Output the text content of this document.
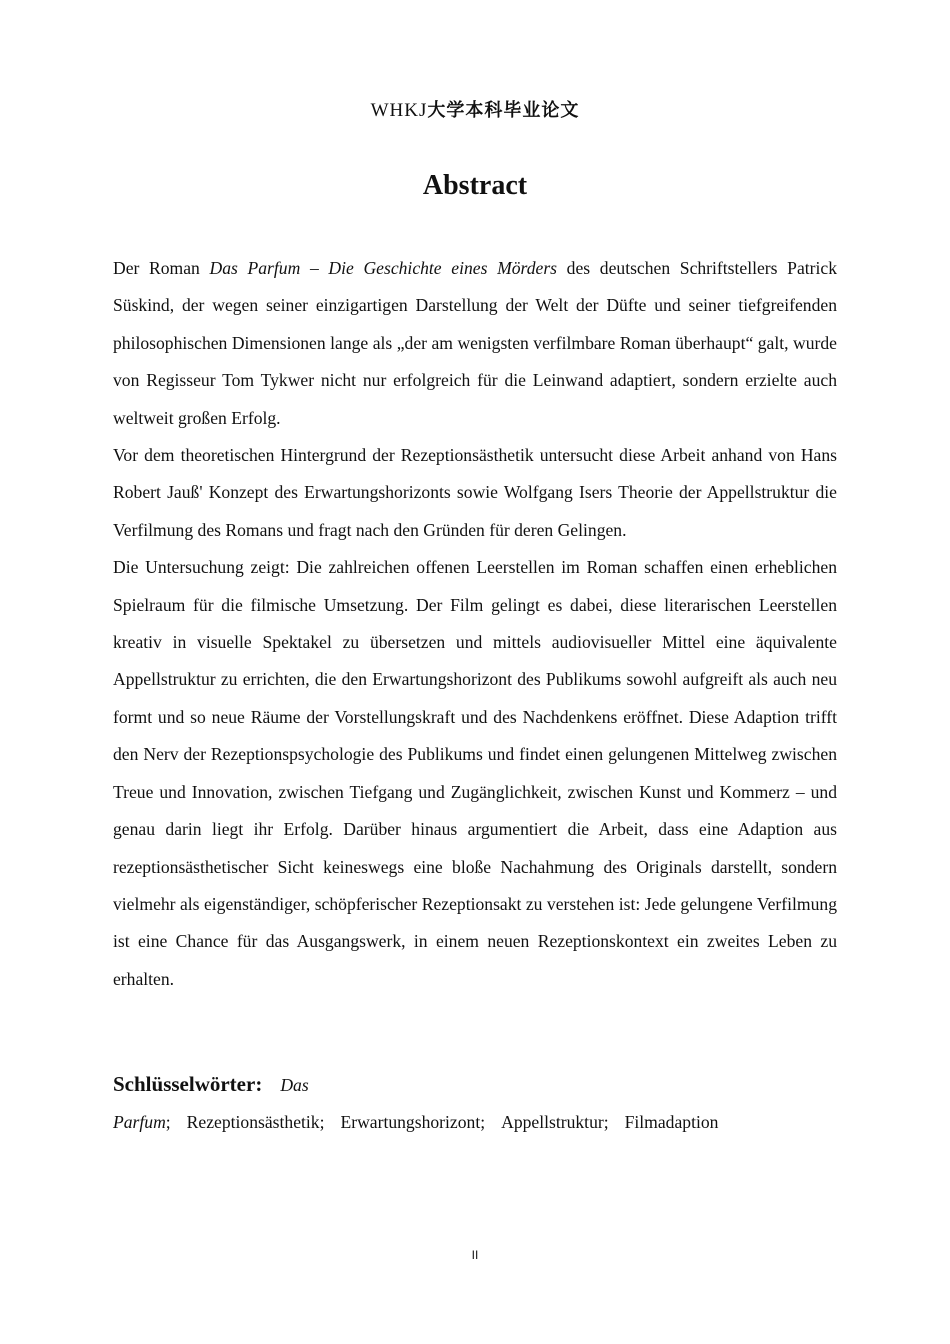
WHKJ大学本科毕业论文
Abstract

Der Roman Das Parfum – Die Geschichte eines Mörders des deutschen Schriftstellers Patrick Süskind, der wegen seiner einzigartigen Darstellung der Welt der Düfte und seiner tiefgreifenden philosophischen Dimensionen lange als „der am wenigsten verfilmbare Roman überhaupt“ galt, wurde von Regisseur Tom Tykwer nicht nur erfolgreich für die Leinwand adaptiert, sondern erzielte auch weltweit großen Erfolg.

Vor dem theoretischen Hintergrund der Rezeptionsästhetik untersucht diese Arbeit anhand von Hans Robert Jauß' Konzept des Erwartungshorizonts sowie Wolfgang Isers Theorie der Appellstruktur die Verfilmung des Romans und fragt nach den Gründen für deren Gelingen.

Die Untersuchung zeigt: Die zahlreichen offenen Leerstellen im Roman schaffen einen erheblichen Spielraum für die filmische Umsetzung. Der Film gelingt es dabei, diese literarischen Leerstellen kreativ in visuelle Spektakel zu übersetzen und mittels audiovisueller Mittel eine äquivalente Appellstruktur zu errichten, die den Erwartungshorizont des Publikums sowohl aufgreift als auch neu formt und so neue Räume der Vorstellungskraft und des Nachdenkens eröffnet. Diese Adaption trifft den Nerv der Rezeptionspsychologie des Publikums und findet einen gelungenen Mittelweg zwischen Treue und Innovation, zwischen Tiefgang und Zugänglichkeit, zwischen Kunst und Kommerz – und genau darin liegt ihr Erfolg. Darüber hinaus argumentiert die Arbeit, dass eine Adaption aus rezeptionsästhetischer Sicht keineswegs eine bloße Nachahmung des Originals darstellt, sondern vielmehr als eigenständiger, schöpferischer Rezeptionsakt zu verstehen ist: Jede gelungene Verfilmung ist eine Chance für das Ausgangswerk, in einem neuen Rezeptionskontext ein zweites Leben zu erhalten.

Schlüsselwörter: Das Parfum; Rezeptionsästhetik; Erwartungshorizont; Appellstruktur; Filmadaption
II
